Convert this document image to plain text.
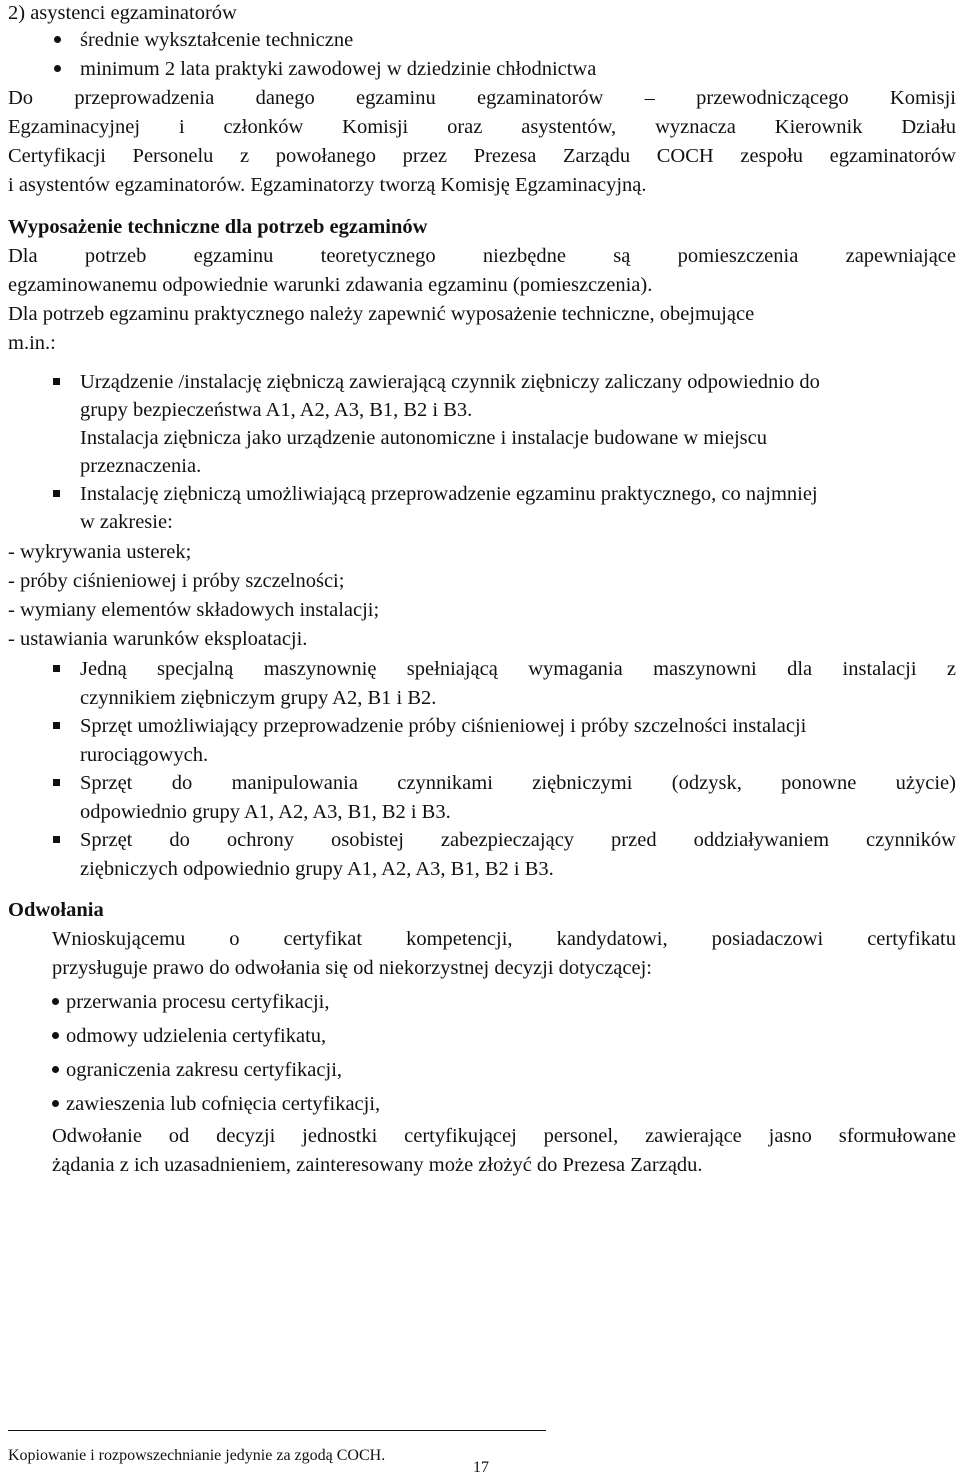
2) asystenci egzaminatorów
średnie wykształcenie techniczne
minimum 2 lata praktyki zawodowej w dziedzinie chłodnictwa
Do przeprowadzenia danego egzaminu egzaminatorów – przewodniczącego Komisji
Egzaminacyjnej i członków Komisji oraz asystentów, wyznacza Kierownik Działu
Certyfikacji Personelu z powołanego przez Prezesa Zarządu COCH zespołu egzaminatorów
i asystentów egzaminatorów. Egzaminatorzy tworzą Komisję Egzaminacyjną.
Wyposażenie techniczne dla potrzeb egzaminów
Dla potrzeb egzaminu teoretycznego niezbędne są pomieszczenia zapewniające
egzaminowanemu odpowiednie warunki zdawania egzaminu (pomieszczenia).
Dla potrzeb egzaminu praktycznego należy zapewnić wyposażenie techniczne, obejmujące
m.in.:
Urządzenie /instalację ziębniczą zawierającą czynnik ziębniczy zaliczany odpowiednio do
grupy bezpieczeństwa A1, A2, A3, B1, B2 i B3.
Instalacja ziębnicza jako urządzenie autonomiczne i instalacje budowane w miejscu
przeznaczenia.
Instalację ziębniczą umożliwiającą przeprowadzenie egzaminu praktycznego, co najmniej
w zakresie:
- wykrywania usterek;
- próby ciśnieniowej i próby szczelności;
- wymiany elementów składowych instalacji;
- ustawiania warunków eksploatacji.
Jedną specjalną maszynownię spełniającą wymagania maszynowni dla instalacji z
czynnikiem ziębniczym grupy A2, B1 i B2.
Sprzęt umożliwiający przeprowadzenie próby ciśnieniowej i próby szczelności instalacji
rurociągowych.
Sprzęt do manipulowania czynnikami ziębniczymi (odzysk, ponowne użycie)
odpowiednio grupy A1, A2, A3, B1, B2 i B3.
Sprzęt do ochrony osobistej zabezpieczający przed oddziaływaniem czynników
ziębniczych odpowiednio grupy A1, A2, A3, B1, B2 i B3.
Odwołania
Wnioskującemu o certyfikat kompetencji, kandydatowi, posiadaczowi certyfikatu
przysługuje prawo do odwołania się od niekorzystnej decyzji dotyczącej:
przerwania procesu certyfikacji,
odmowy udzielenia certyfikatu,
ograniczenia zakresu certyfikacji,
zawieszenia lub cofnięcia certyfikacji,
Odwołanie od decyzji jednostki certyfikującej personel, zawierające jasno sformułowane
żądania z ich uzasadnieniem, zainteresowany może złożyć do Prezesa Zarządu.
Kopiowanie i rozpowszechnianie jedynie za zgodą COCH.
17
